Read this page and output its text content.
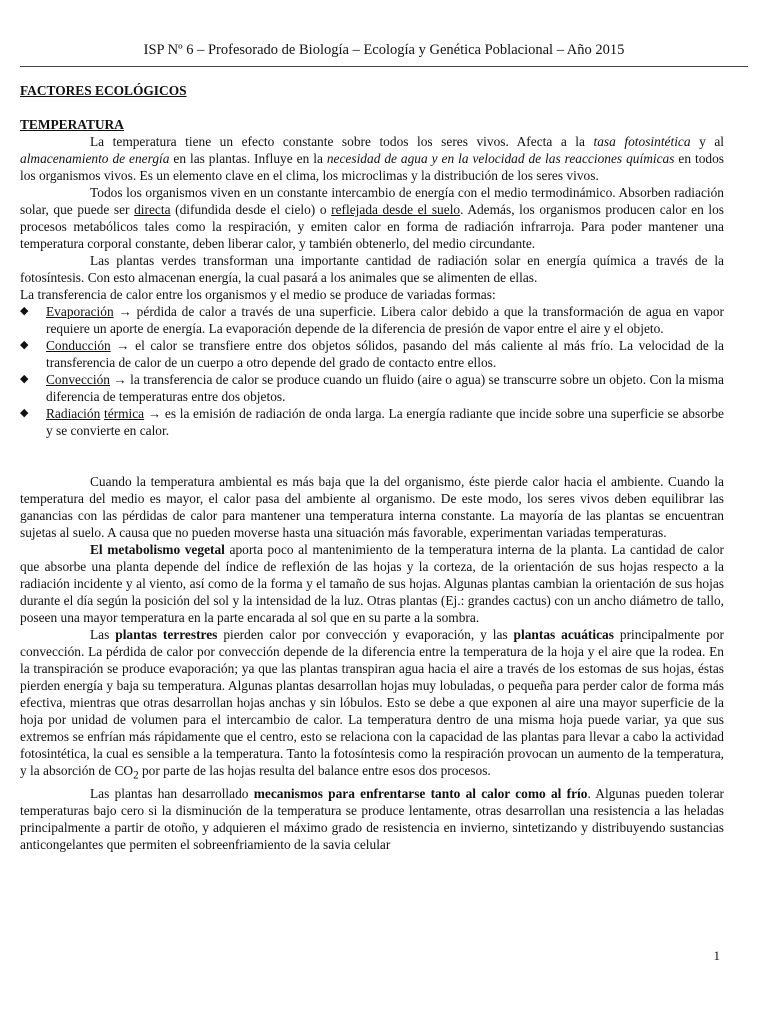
ISP Nº 6 – Profesorado de Biología – Ecología y Genética Poblacional – Año 2015

FACTORES ECOLÓGICOS

TEMPERATURA

La temperatura tiene un efecto constante sobre todos los seres vivos. Afecta a la tasa fotosintética y al almacenamiento de energía en las plantas. Influye en la necesidad de agua y en la velocidad de las reacciones químicas en todos los organismos vivos. Es un elemento clave en el clima, los microclimas y la distribución de los seres vivos.

Todos los organismos viven en un constante intercambio de energía con el medio termodinámico. Absorben radiación solar, que puede ser directa (difundida desde el cielo) o reflejada desde el suelo. Además, los organismos producen calor en los procesos metabólicos tales como la respiración, y emiten calor en forma de radiación infrarroja. Para poder mantener una temperatura corporal constante, deben liberar calor, y también obtenerlo, del medio circundante.

Las plantas verdes transforman una importante cantidad de radiación solar en energía química a través de la fotosíntesis. Con esto almacenan energía, la cual pasará a los animales que se alimenten de ellas.

La transferencia de calor entre los organismos y el medio se produce de variadas formas:

◆ Evaporación → pérdida de calor a través de una superficie. Libera calor debido a que la transformación de agua en vapor requiere un aporte de energía. La evaporación depende de la diferencia de presión de vapor entre el aire y el objeto.
◆ Conducción → el calor se transfiere entre dos objetos sólidos, pasando del más caliente al más frío. La velocidad de la transferencia de calor de un cuerpo a otro depende del grado de contacto entre ellos.
◆ Convección → la transferencia de calor se produce cuando un fluido (aire o agua) se transcurre sobre un objeto. Con la misma diferencia de temperaturas entre dos objetos.
◆ Radiación térmica → es la emisión de radiación de onda larga. La energía radiante que incide sobre una superficie se absorbe y se convierte en calor.

Cuando la temperatura ambiental es más baja que la del organismo, éste pierde calor hacia el ambiente. Cuando la temperatura del medio es mayor, el calor pasa del ambiente al organismo. De este modo, los seres vivos deben equilibrar las ganancias con las pérdidas de calor para mantener una temperatura interna constante. La mayoría de las plantas se encuentran sujetas al suelo. A causa que no pueden moverse hasta una situación más favorable, experimentan variadas temperaturas.

El metabolismo vegetal aporta poco al mantenimiento de la temperatura interna de la planta. La cantidad de calor que absorbe una planta depende del índice de reflexión de las hojas y la corteza, de la orientación de sus hojas respecto a la radiación incidente y al viento, así como de la forma y el tamaño de sus hojas. Algunas plantas cambian la orientación de sus hojas durante el día según la posición del sol y la intensidad de la luz. Otras plantas (Ej.: grandes cactus) con un ancho diámetro de tallo, poseen una mayor temperatura en la parte encarada al sol que en su parte a la sombra.

Las plantas terrestres pierden calor por convección y evaporación, y las plantas acuáticas principalmente por convección. La pérdida de calor por convección depende de la diferencia entre la temperatura de la hoja y el aire que la rodea. En la transpiración se produce evaporación; ya que las plantas transpiran agua hacia el aire a través de los estomas de sus hojas, éstas pierden energía y baja su temperatura. Algunas plantas desarrollan hojas muy lobuladas, o pequeña para perder calor de forma más efectiva, mientras que otras desarrollan hojas anchas y sin lóbulos. Esto se debe a que exponen al aire una mayor superficie de la hoja por unidad de volumen para el intercambio de calor. La temperatura dentro de una misma hoja puede variar, ya que sus extremos se enfrían más rápidamente que el centro, esto se relaciona con la capacidad de las plantas para llevar a cabo la actividad fotosintética, la cual es sensible a la temperatura. Tanto la fotosíntesis como la respiración provocan un aumento de la temperatura, y la absorción de $CO_2$ por parte de las hojas resulta del balance entre esos dos procesos.

Las plantas han desarrollado mecanismos para enfrentarse tanto al calor como al frío. Algunas pueden tolerar temperaturas bajo cero si la disminución de la temperatura se produce lentamente, otras desarrollan una resistencia a las heladas principalmente a partir de otoño, y adquieren el máximo grado de resistencia en invierno, sintetizando y distribuyendo sustancias anticongelantes que permiten el sobreenfriamiento de la savia celular

1
